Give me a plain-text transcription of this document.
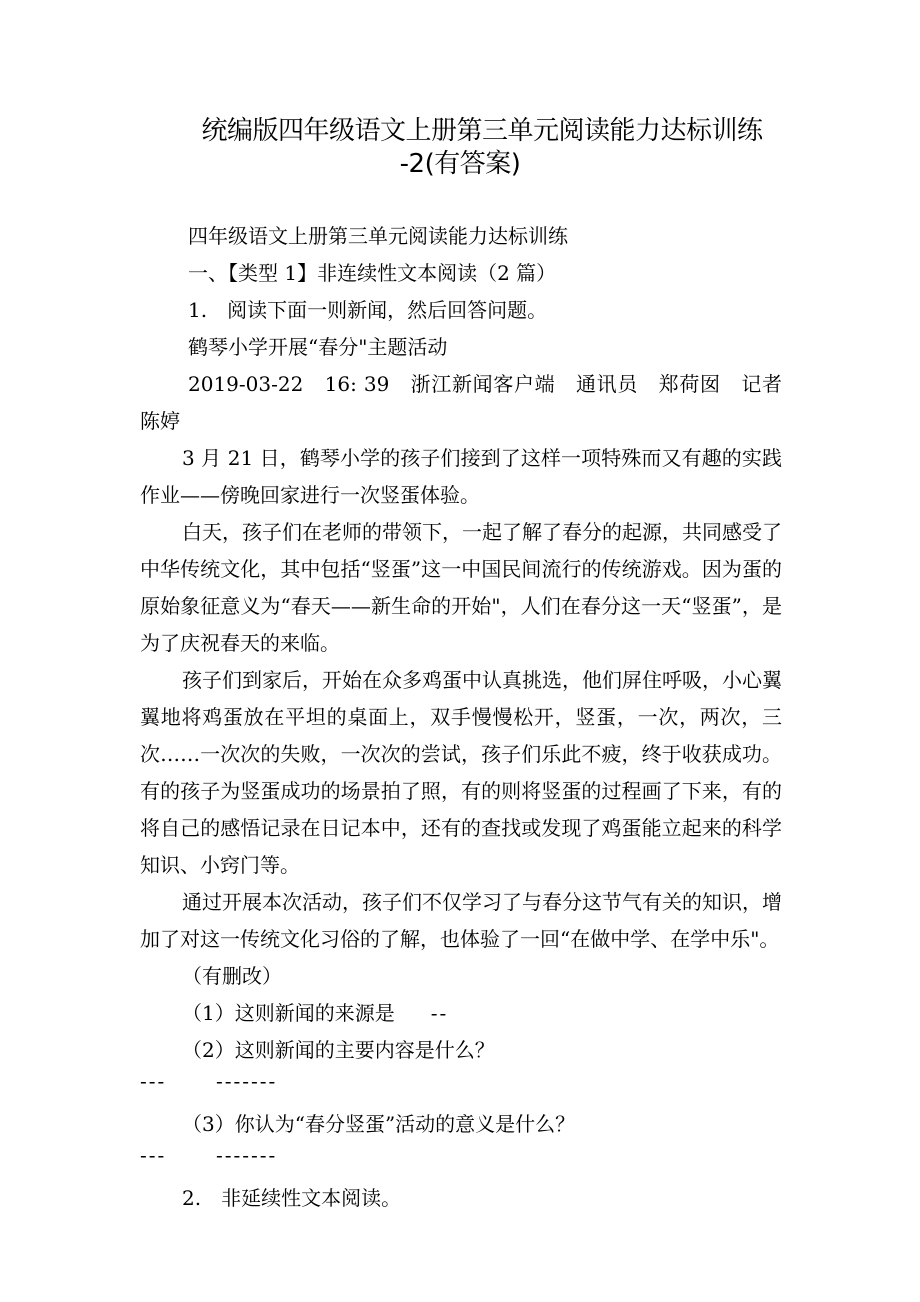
统编版四年级语文上册第三单元阅读能力达标训练
-2(有答案)

四年级语文上册第三单元阅读能力达标训练

一、【类型 1】非连续性文本阅读（2 篇）

1.　阅读下面一则新闻，然后回答问题。

鹤琴小学开展“春分"主题活动

2019-03-22　16: 39　浙江新闻客户端　通讯员　郑荷囡　记者　陈婷

3 月 21 日，鹤琴小学的孩子们接到了这样一项特殊而又有趣的实践作业——傍晚回家进行一次竖蛋体验。

白天，孩子们在老师的带领下，一起了解了春分的起源，共同感受了中华传统文化，其中包括“竖蛋”这一中国民间流行的传统游戏。因为蛋的原始象征意义为“春天——新生命的开始"，人们在春分这一天“竖蛋”，是为了庆祝春天的来临。

孩子们到家后，开始在众多鸡蛋中认真挑选，他们屏住呼吸，小心翼翼地将鸡蛋放在平坦的桌面上，双手慢慢松开，竖蛋，一次，两次，三次……一次次的失败，一次次的尝试，孩子们乐此不疲，终于收获成功。有的孩子为竖蛋成功的场景拍了照，有的则将竖蛋的过程画了下来，有的将自己的感悟记录在日记本中，还有的查找或发现了鸡蛋能立起来的科学知识、小窍门等。

通过开展本次活动，孩子们不仅学习了与春分这节气有关的知识，增加了对这一传统文化习俗的了解，也体验了一回“在做中学、在学中乐"。

（有删改）

（1）这则新闻的来源是 --

（2）这则新闻的主要内容是什么？

--- -------

（3）你认为“春分竖蛋”活动的意义是什么？

--- -------

2.　非延续性文本阅读。
